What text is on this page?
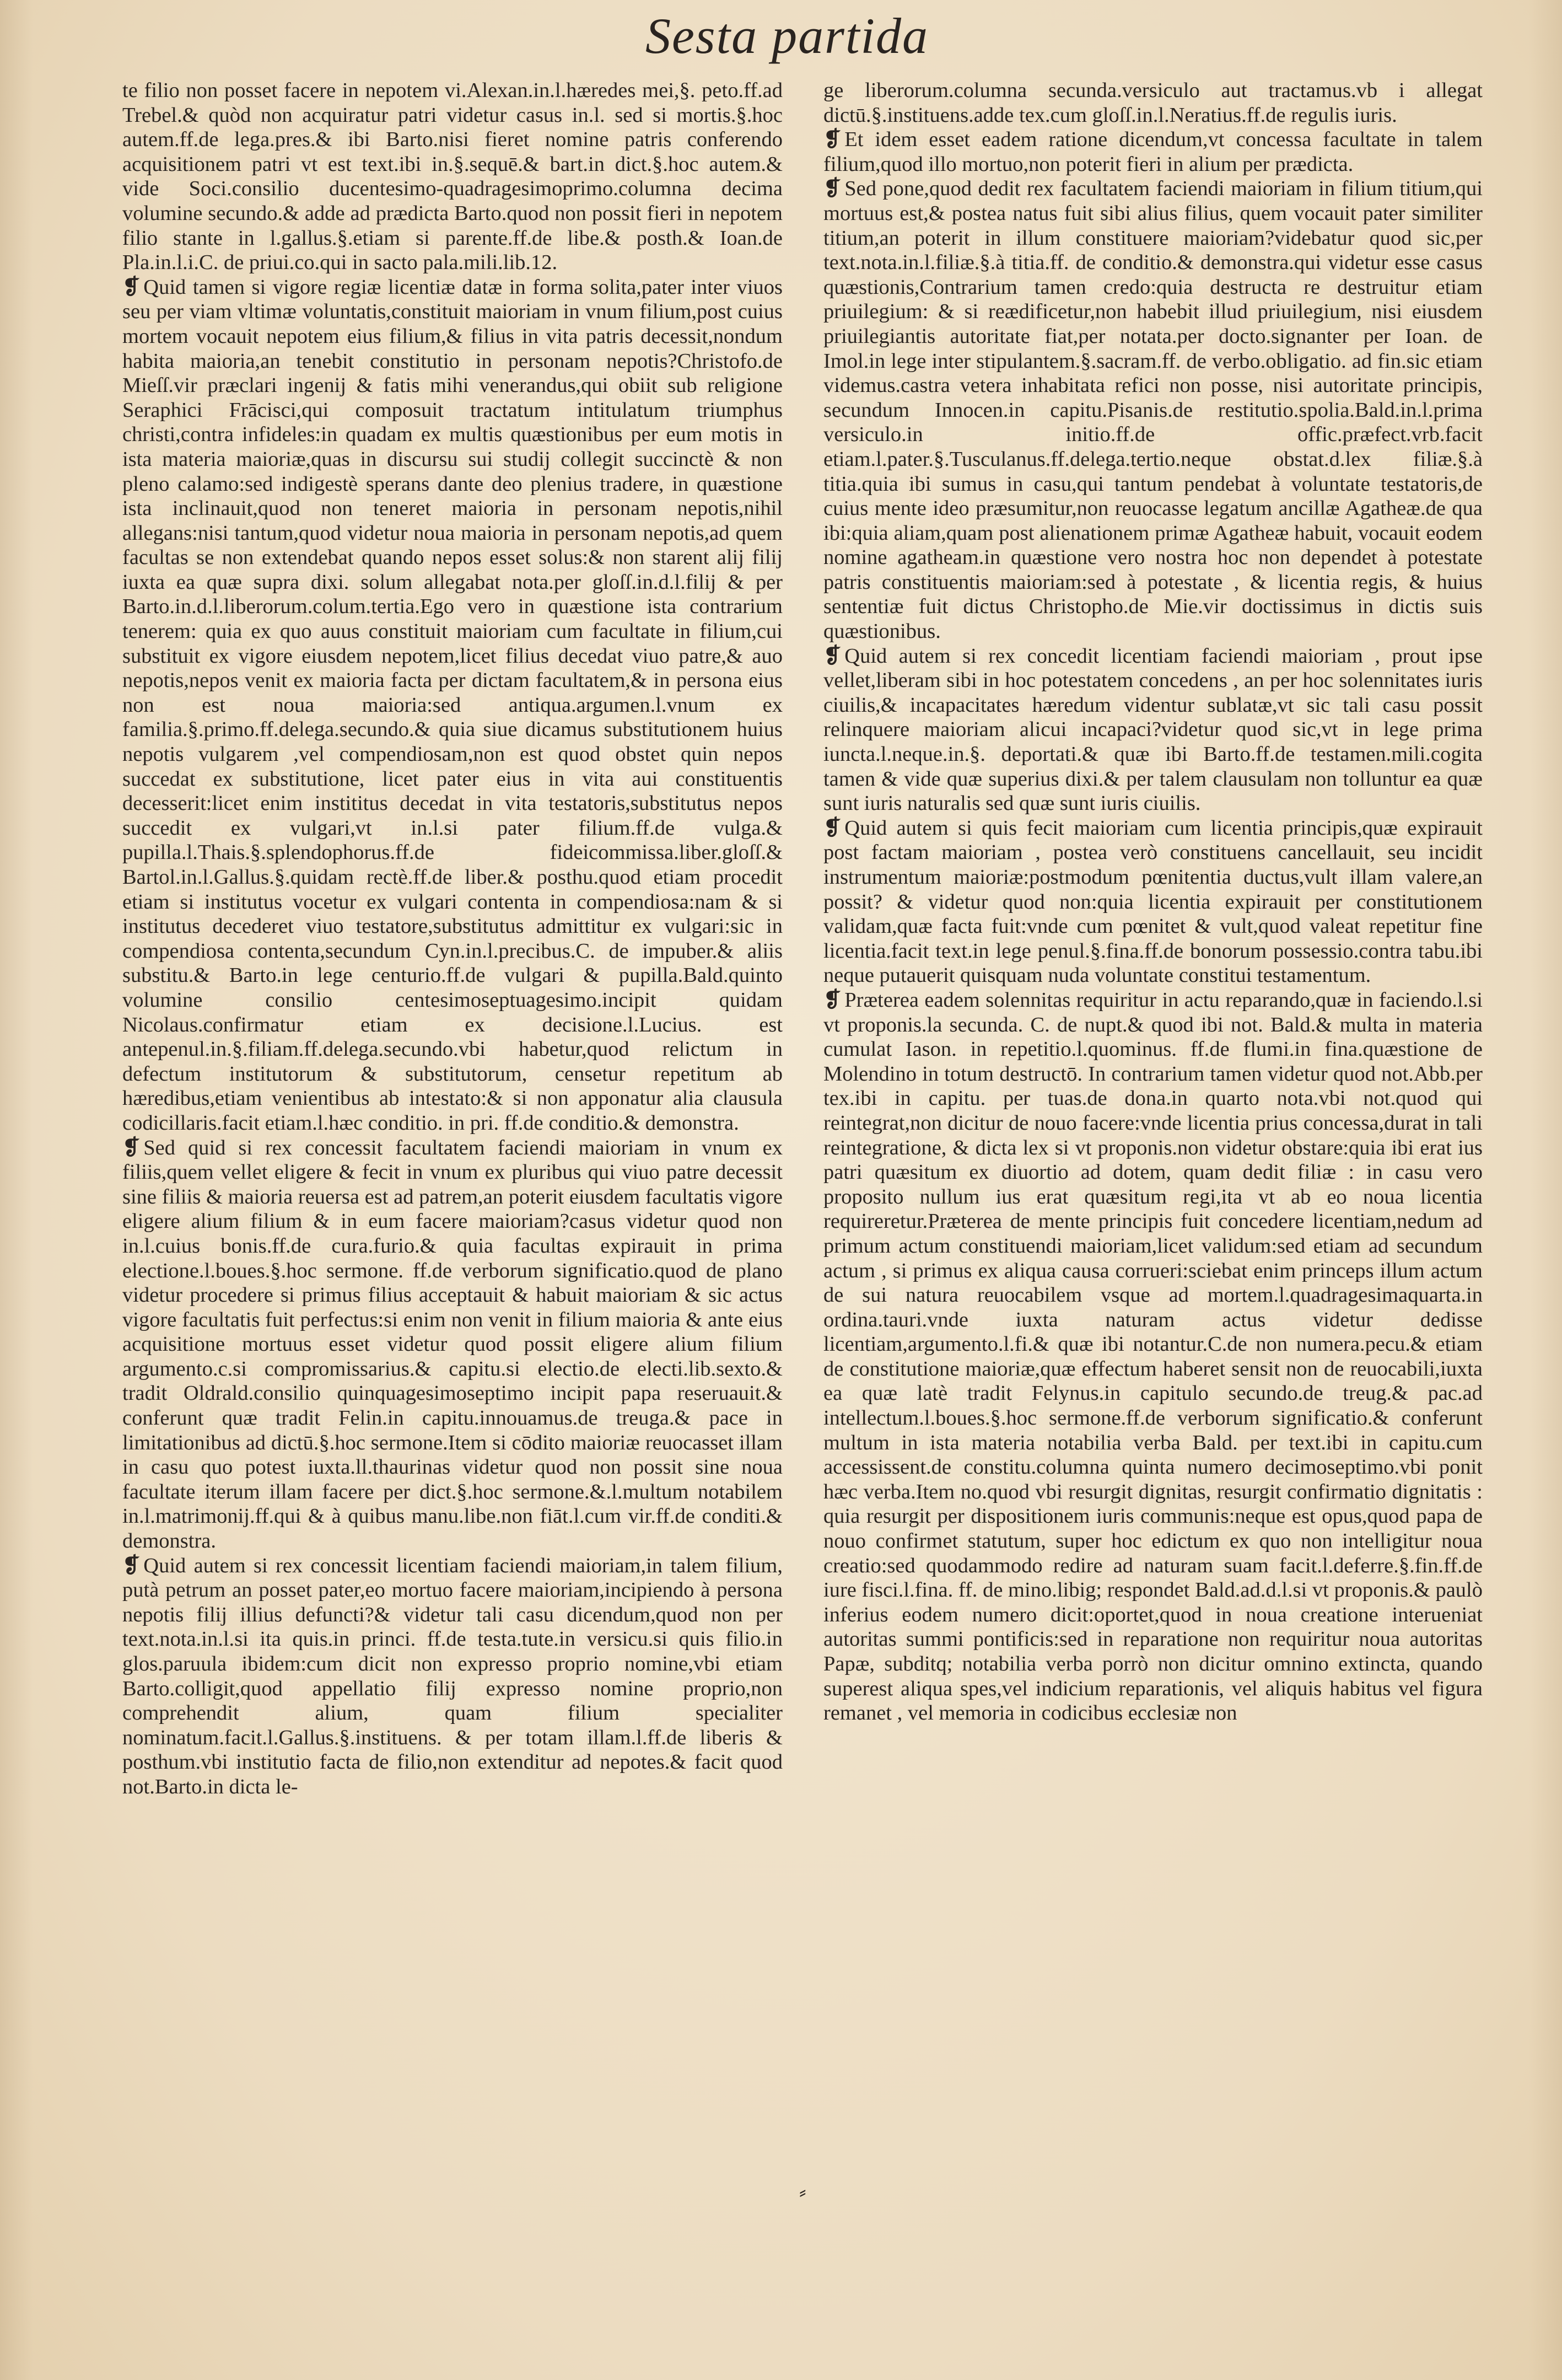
Sesta partida

te filio non posset facere in nepotem vi.Alexan.in.l.hæredes mei,§. peto.ff.ad Trebel.& quòd non acquiratur patri videtur casus in.l. sed si mortis.§.hoc autem.ff.de lega.pres.& ibi Barto.nisi fieret nomine patris conferendo acquisitionem patri vt est text.ibi in.§.sequē.& bart.in dict.§.hoc autem.& vide Soci.consilio ducentesimo-quadragesimoprimo.columna decima volumine secundo.& adde ad prædicta Barto.quod non possit fieri in nepotem filio stante in l.gallus.§.etiam si parente.ff.de libe.& posth.& Ioan.de Pla.in.l.i.C. de priui.co.qui in sacto pala.mili.lib.12.

❡ Quid tamen si vigore regiæ licentiæ datæ in forma solita,pater inter viuos seu per viam vltimæ voluntatis,constituit maioriam in vnum filium,post cuius mortem vocauit nepotem eius filium,& filius in vita patris decessit,nondum habita maioria,an tenebit constitutio in personam nepotis?Christofo.de Mieſſ.vir præclari ingenij & fatis mihi venerandus,qui obiit sub religione Seraphici Frācisci,qui composuit tractatum intitulatum triumphus christi,contra infideles:in quadam ex multis quæstionibus per eum motis in ista materia maioriæ,quas in discursu sui studij collegit succinctè & non pleno calamo:sed indigestè sperans dante deo plenius tradere, in quæstione ista inclinauit,quod non teneret maioria in personam nepotis,nihil allegans:nisi tantum,quod videtur noua maioria in personam nepotis,ad quem facultas se non extendebat quando nepos esset solus:& non starent alij filij iuxta ea quæ supra dixi. solum allegabat nota.per gloſſ.in.d.l.filij & per Barto.in.d.l.liberorum.colum.tertia.Ego vero in quæstione ista contrarium tenerem: quia ex quo auus constituit maioriam cum facultate in filium,cui substituit ex vigore eiusdem nepotem,licet filius decedat viuo patre,& auo nepotis,nepos venit ex maioria facta per dictam facultatem,& in persona eius non est noua maioria:sed antiqua.argumen.l.vnum ex familia.§.primo.ff.delega.secundo.& quia siue dicamus substitutionem huius nepotis vulgarem ,vel compendiosam,non est quod obstet quin nepos succedat ex substitutione, licet pater eius in vita aui constituentis decesserit:licet enim instititus decedat in vita testatoris,substitutus nepos succedit ex vulgari,vt in.l.si pater filium.ff.de vulga.& pupilla.l.Thais.§.splendophorus.ff.de fideicommissa.liber.gloſſ.& Bartol.in.l.Gallus.§.quidam rectè.ff.de liber.& posthu.quod etiam procedit etiam si institutus vocetur ex vulgari contenta in compendiosa:nam & si institutus decederet viuo testatore,substitutus admittitur ex vulgari:sic in compendiosa contenta,secundum Cyn.in.l.precibus.C. de impuber.& aliis substitu.& Barto.in lege centurio.ff.de vulgari & pupilla.Bald.quinto volumine consilio centesimoseptuagesimo.incipit quidam Nicolaus.confirmatur etiam ex decisione.l.Lucius. est antepenul.in.§.filiam.ff.delega.secundo.vbi habetur,quod relictum in defectum institutorum & substitutorum, censetur repetitum ab hæredibus,etiam venientibus ab intestato:& si non apponatur alia clausula codicillaris.facit etiam.l.hæc conditio. in pri. ff.de conditio.& demonstra.

❡ Sed quid si rex concessit facultatem faciendi maioriam in vnum ex filiis,quem vellet eligere & fecit in vnum ex pluribus qui viuo patre decessit sine filiis & maioria reuersa est ad patrem,an poterit eiusdem facultatis vigore eligere alium filium & in eum facere maioriam?casus videtur quod non in.l.cuius bonis.ff.de cura.furio.& quia facultas expirauit in prima electione.l.boues.§.hoc sermone. ff.de verborum significatio.quod de plano videtur procedere si primus filius acceptauit & habuit maioriam & sic actus vigore facultatis fuit perfectus:si enim non venit in filium maioria & ante eius acquisitione mortuus esset videtur quod possit eligere alium filium argumento.c.si compromissarius.& capitu.si electio.de electi.lib.sexto.& tradit Oldrald.consilio quinquagesimoseptimo incipit papa reseruauit.& conferunt quæ tradit Felin.in capitu.innouamus.de treuga.& pace in limitationibus ad dictū.§.hoc sermone.Item si cōdito maioriæ reuocasset illam in casu quo potest iuxta.ll.thaurinas videtur quod non possit sine noua facultate iterum illam facere per dict.§.hoc sermone.&.l.multum notabilem in.l.matrimonij.ff.qui & à quibus manu.libe.non fiāt.l.cum vir.ff.de conditi.& demonstra.

❡ Quid autem si rex concessit licentiam faciendi maioriam,in talem filium, putà petrum an posset pater,eo mortuo facere maioriam,incipiendo à persona nepotis filij illius defuncti?& videtur tali casu dicendum,quod non per text.nota.in.l.si ita quis.in princi. ff.de testa.tute.in versicu.si quis filio.in glos.paruula ibidem:cum dicit non expresso proprio nomine,vbi etiam Barto.colligit,quod appellatio filij expresso nomine proprio,non comprehendit alium, quam filium specialiter nominatum.facit.l.Gallus.§.instituens. & per totam illam.l.ff.de liberis & posthum.vbi institutio facta de filio,non extenditur ad nepotes.& facit quod not.Barto.in dicta le-

ge liberorum.columna secunda.versiculo aut tractamus.vb i allegat dictū.§.instituens.adde tex.cum gloſſ.in.l.Neratius.ff.de regulis iuris.

❡ Et idem esset eadem ratione dicendum,vt concessa facultate in talem filium,quod illo mortuo,non poterit fieri in alium per prædicta.

❡ Sed pone,quod dedit rex facultatem faciendi maioriam in filium titium,qui mortuus est,& postea natus fuit sibi alius filius, quem vocauit pater similiter titium,an poterit in illum constituere maioriam?videbatur quod sic,per text.nota.in.l.filiæ.§.à titia.ff. de conditio.& demonstra.qui videtur esse casus quæstionis,Contrarium tamen credo:quia destructa re destruitur etiam priuilegium: & si reædificetur,non habebit illud priuilegium, nisi eiusdem priuilegiantis autoritate fiat,per notata.per docto.signanter per Ioan. de Imol.in lege inter stipulantem.§.sacram.ff. de verbo.obligatio. ad fin.sic etiam videmus.castra vetera inhabitata refici non posse, nisi autoritate principis, secundum Innocen.in capitu.Pisanis.de restitutio.spolia.Bald.in.l.prima versiculo.in initio.ff.de offic.præfect.vrb.facit etiam.l.pater.§.Tusculanus.ff.delega.tertio.neque obstat.d.lex filiæ.§.à titia.quia ibi sumus in casu,qui tantum pendebat à voluntate testatoris,de cuius mente ideo præsumitur,non reuocasse legatum ancillæ Agatheæ.de qua ibi:quia aliam,quam post alienationem primæ Agatheæ habuit, vocauit eodem nomine agatheam.in quæstione vero nostra hoc non dependet à potestate patris constituentis maioriam:sed à potestate , & licentia regis, & huius sententiæ fuit dictus Christopho.de Mie.vir doctissimus in dictis suis quæstionibus.

❡ Quid autem si rex concedit licentiam faciendi maioriam , prout ipse vellet,liberam sibi in hoc potestatem concedens , an per hoc solennitates iuris ciuilis,& incapacitates hæredum videntur sublatæ,vt sic tali casu possit relinquere maioriam alicui incapaci?videtur quod sic,vt in lege prima iuncta.l.neque.in.§. deportati.& quæ ibi Barto.ff.de testamen.mili.cogita tamen & vide quæ superius dixi.& per talem clausulam non tolluntur ea quæ sunt iuris naturalis sed quæ sunt iuris ciuilis.

❡ Quid autem si quis fecit maioriam cum licentia principis,quæ expirauit post factam maioriam , postea verò constituens cancellauit, seu incidit instrumentum maioriæ:postmodum pœnitentia ductus,vult illam valere,an possit? & videtur quod non:quia licentia expirauit per constitutionem validam,quæ facta fuit:vnde cum pœnitet & vult,quod valeat repetitur fine licentia.facit text.in lege penul.§.fina.ff.de bonorum possessio.contra tabu.ibi neque putauerit quisquam nuda voluntate constitui testamentum.

❡ Præterea eadem solennitas requiritur in actu reparando,quæ in faciendo.l.si vt proponis.la secunda. C. de nupt.& quod ibi not. Bald.& multa in materia cumulat Iason. in repetitio.l.quominus. ff.de flumi.in fina.quæstione de Molendino in totum destructō. In contrarium tamen videtur quod not.Abb.per tex.ibi in capitu. per tuas.de dona.in quarto nota.vbi not.quod qui reintegrat,non dicitur de nouo facere:vnde licentia prius concessa,durat in tali reintegratione, & dicta lex si vt proponis.non videtur obstare:quia ibi erat ius patri quæsitum ex diuortio ad dotem, quam dedit filiæ : in casu vero proposito nullum ius erat quæsitum regi,ita vt ab eo noua licentia requireretur.Præterea de mente principis fuit concedere licentiam,nedum ad primum actum constituendi maioriam,licet validum:sed etiam ad secundum actum , si primus ex aliqua causa corrueri:sciebat enim princeps illum actum de sui natura reuocabilem vsque ad mortem.l.quadragesimaquarta.in ordina.tauri.vnde iuxta naturam actus videtur dedisse licentiam,argumento.l.fi.& quæ ibi notantur.C.de non numera.pecu.& etiam de constitutione maioriæ,quæ effectum haberet sensit non de reuocabili,iuxta ea quæ latè tradit Felynus.in capitulo secundo.de treug.& pac.ad intellectum.l.boues.§.hoc sermone.ff.de verborum significatio.& conferunt multum in ista materia notabilia verba Bald. per text.ibi in capitu.cum accessissent.de constitu.columna quinta numero decimoseptimo.vbi ponit hæc verba.Item no.quod vbi resurgit dignitas, resurgit confirmatio dignitatis : quia resurgit per dispositionem iuris communis:neque est opus,quod papa de nouo confirmet statutum, super hoc edictum ex quo non intelligitur noua creatio:sed quodammodo redire ad naturam suam facit.l.deferre.§.fin.ff.de iure fisci.l.fina. ff. de mino.libig; respondet Bald.ad.d.l.si vt proponis.& paulò inferius eodem numero dicit:oportet,quod in noua creatione interueniat autoritas summi pontificis:sed in reparatione non requiritur noua autoritas Papæ, subditq; notabilia verba porrò non dicitur omnino extincta, quando superest aliqua spes,vel indicium reparationis, vel aliquis habitus vel figura remanet , vel memoria in codicibus ecclesiæ non

⸗
